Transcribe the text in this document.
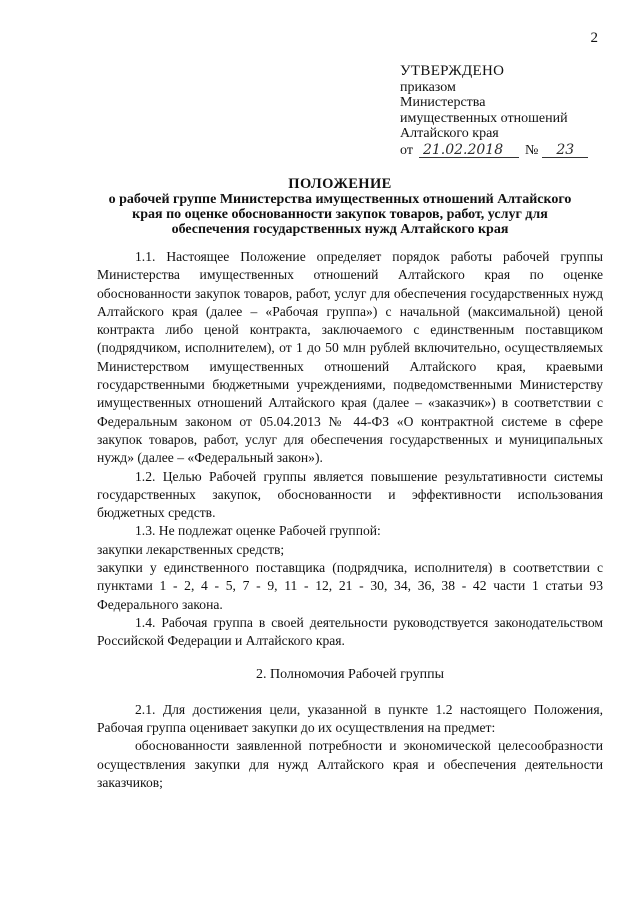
2
УТВЕРЖДЕНО
приказом
Министерства
имущественных отношений
Алтайского края
от 21.02.2018	№	23
ПОЛОЖЕНИЕ
о рабочей группе Министерства имущественных отношений Алтайского
края по оценке обоснованности закупок товаров, работ, услуг для
обеспечения государственных нужд Алтайского края

1.1. Настоящее Положение определяет порядок работы рабочей группы Министерства имущественных отношений Алтайского края по оценке обоснованности закупок товаров, работ, услуг для обеспечения государственных нужд Алтайского края (далее – «Рабочая группа») с начальной (максимальной) ценой контракта либо ценой контракта, заключаемого с единственным поставщиком (подрядчиком, исполнителем), от 1 до 50 млн рублей включительно, осуществляемых Министерством имущественных отношений Алтайского края, краевыми государственными бюджетными учреждениями, подведомственными Министерству имущественных отношений Алтайского края (далее – «заказчик») в соответствии с Федеральным законом от 05.04.2013 № 44-ФЗ «О контрактной системе в сфере закупок товаров, работ, услуг для обеспечения государственных и муниципальных нужд» (далее – «Федеральный закон»).

1.2. Целью Рабочей группы является повышение результативности системы государственных закупок, обоснованности и эффективности использования бюджетных средств.

1.3. Не подлежат оценке Рабочей группой:

закупки лекарственных средств;

закупки у единственного поставщика (подрядчика, исполнителя) в соответствии с пунктами 1 - 2, 4 - 5, 7 - 9, 11 - 12, 21 - 30, 34, 36, 38 - 42 части 1 статьи 93 Федерального закона.

1.4. Рабочая группа в своей деятельности руководствуется законодательством Российской Федерации и Алтайского края.

2. Полномочия Рабочей группы

2.1. Для достижения цели, указанной в пункте 1.2 настоящего Положения, Рабочая группа оценивает закупки до их осуществления на предмет:

обоснованности заявленной потребности и экономической целесообразности осуществления закупки для нужд Алтайского края и обеспечения деятельности заказчиков;
